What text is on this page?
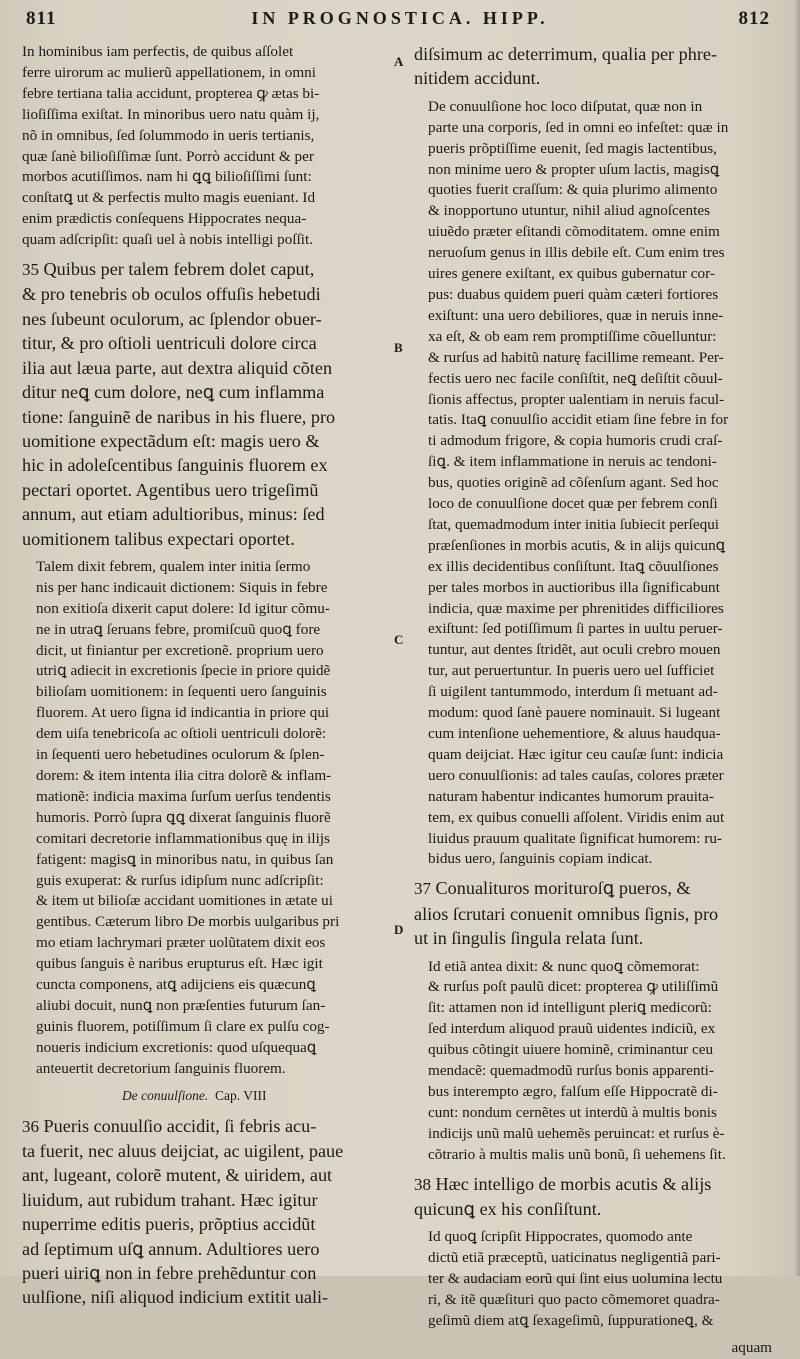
811	IN PROGNOSTICA. HIPP.	812
A
B
C
D
In hominibus iam perfectis, de quibus aſſolet
ferre uirorum ac mulierũ appellationem, in omni
febre tertiana talia accidunt, propterea ꝙ ætas bi-
lioſiſſima exiſtat. In minoribus uero natu quàm ij,
nõ in omnibus, ſed ſolummodo in ueris tertianis,
quæ ſanè bilioſiſſimæ ſunt. Porrò accidunt & per
morbos acutiſſimos. nam hi ꝗꝗ bilioſiſſimi ſunt:
conſtatꝗ ut & perfectis multo magis eueniant. Id
enim prædictis conſequens Hippocrates nequa-
quam adſcripſit: quaſi uel à nobis intelligi poſſit.
35 Quibus per talem febrem dolet caput,
& pro tenebris ob oculos offuſis hebetudi
nes ſubeunt oculorum, ac ſplendor obuer-
titur, & pro oſtioli uentriculi dolore circa
ilia aut læua parte, aut dextra aliquid cõten
ditur neꝗ cum dolore, neꝗ cum inflamma
tione: ſanguinẽ de naribus in his fluere, pro
uomitione expectãdum eſt: magis uero &
hic in adoleſcentibus ſanguinis fluorem ex
pectari oportet. Agentibus uero trigeſimũ
annum, aut etiam adultioribus, minus: ſed
uomitionem talibus expectari oportet.
Talem dixit febrem, qualem inter initia ſermo
nis per hanc indicauit dictionem: Siquis in febre
non exitioſa dixerit caput dolere: Id igitur cõmu-
ne in utraꝗ ſeruans febre, promiſcuũ quoꝗ fore
dicit, ut finiantur per excretionẽ. proprium uero
utriꝗ adiecit in excretionis ſpecie in priore quidẽ
bilioſam uomitionem: in ſequenti uero ſanguinis
fluorem. At uero ſigna id indicantia in priore qui
dem uiſa tenebricoſa ac oſtioli uentriculi dolorẽ:
in ſequenti uero hebetudines oculorum & ſplen-
dorem: & item intenta ilia citra dolorẽ & inflam-
mationẽ: indicia maxima ſurſum uerſus tendentis
humoris. Porrò ſupra ꝗꝗ dixerat ſanguinis fluorẽ
comitari decretorie inflammationibus quę in ilijs
fatigent: magisꝗ in minoribus natu, in quibus ſan
guis exuperat: & rurſus idipſum nunc adſcripſit:
& item ut bilioſæ accidant uomitiones in ætate ui
gentibus. Cæterum libro De morbis uulgaribus pri
mo etiam lachrymari præter uolũtatem dixit eos
quibus ſanguis è naribus erupturus eſt. Hæc igitᷣ
cuncta componens, atꝗ adijciens eis quæcunꝗ
aliubi docuit, nunꝗ non præſenties futurum ſan-
guinis fluorem, potiſſimum ſi clare ex pulſu cog-
noueris indicium excretionis: quod uſquequaꝗ
anteuertit decretorium ſanguinis fluorem.
De conuulſione. Cap. VIII
36 Pueris conuulſio accidit, ſi febris acu-
ta fuerit, nec aluus deijciat, ac uigilent, paue
ant, lugeant, colorẽ mutent, & uiridem, aut
liuidum, aut rubidum trahant. Hæc igitur
nuperrime editis pueris, prõptius accidũt
ad ſeptimum uſꝗ annum. Adultiores uero
pueri uiriꝗ non in febre prehẽduntur con
uulſione, niſi aliquod indicium extitit uali-
diſsimum ac deterrimum, qualia per phre-
nitidem accidunt.
De conuulſione hoc loco diſputat, quæ non in
parte una corporis, ſed in omni eo infeſtet: quæ in
pueris prõptiſſime euenit, ſed magis lactentibus,
non minime uero & propter uſum lactis, magisꝗ
quoties fuerit craſſum: & quia plurimo alimento
& inopportuno utuntur, nihil aliud agnoſcentes
uiuẽdo præter eſitandi cõmoditatem. omne enim
neruoſum genus in illis debile eſt. Cum enim tres
uires genere exiſtant, ex quibus gubernatur cor-
pus: duabus quidem pueri quàm cæteri fortiores
exiſtunt: una uero debiliores, quæ in neruis inne-
xa eſt, & ob eam rem promptiſſime cõuelluntur:
& rurſus ad habitũ naturę facillime remeant. Per-
fectis uero nec facile conſiſtit, neꝗ deſiſtit cõuul-
ſionis affectus, propter ualentiam in neruis facul-
tatis. Itaꝗ conuulſio accidit etiam ſine febre in for
ti admodum frigore, & copia humoris crudi craſ-
ſiꝗ. & item inflammatione in neruis ac tendoni-
bus, quoties originẽ ad cõſenſum agant. Sed hoc
loco de conuulſione docet quæ per febrem conſi
ſtat, quemadmodum inter initia ſubiecit perſequi
præſenſiones in morbis acutis, & in alijs quicunꝗ
ex illis decidentibus conſiſtunt. Itaꝗ cõuulſiones
per tales morbos in auctioribus illa ſignificabunt
indicia, quæ maxime per phrenitides difficiliores
exiſtunt: ſed potiſſimum ſi partes in uultu peruer-
tuntur, aut dentes ſtridẽt, aut oculi crebro mouen
tur, aut peruertuntur. In pueris uero uel ſufficiet
ſi uigilent tantummodo, interdum ſi metuant ad-
modum: quod ſanè pauere nominauit. Si lugeant
cum intenſione uehementiore, & aluus haudqua-
quam deijciat. Hæc igitur ceu cauſæ ſunt: indicia
uero conuulſionis: ad tales cauſas, colores præter
naturam habentur indicantes humorum prauita-
tem, ex quibus conuelli aſſolent. Viridis enim aut
liuidus prauum qualitate ſignificat humorem: ru-
bidus uero, ſanguinis copiam indicat.
37 Conualituros morituroſꝗ pueros, &
alios ſcrutari conuenit omnibus ſignis, pro
ut in ſingulis ſingula relata ſunt.
Id etiã antea dixit: & nunc quoꝗ cõmemorat:
& rurſus poſt paulũ dicet: propterea ꝙ utiliſſimũ
ſit: attamen non id intelligunt pleriꝗ medicorũ:
ſed interdum aliquod prauũ uidentes indiciũ, ex
quibus cõtingit uiuere hominẽ, criminantur ceu
mendacẽ: quemadmodũ rurſus bonis apparenti-
bus interempto ægro, falſum eſſe Hippocratẽ di-
cunt: nondum cernẽtes ut interdũ à multis bonis
indicijs unũ malũ uehemẽs peruincat: et rurſus è-
cõtrario à multis malis unũ bonũ, ſi uehemens ſit.
38 Hæc intelligo de morbis acutis & alijs
quicunꝗ ex his conſiſtunt.
Id quoꝗ ſcripſit Hippocrates, quomodo ante
dictũ etiã præceptũ, uaticinatus negligentiã pari-
ter & audaciam eorũ qui ſint eius uolumina lectu
ri, & itẽ quæſituri quo pacto cõmemoret quadra-
geſimũ diem atꝗ ſexageſimũ, ſuppurationeꝗ, &
aquam
